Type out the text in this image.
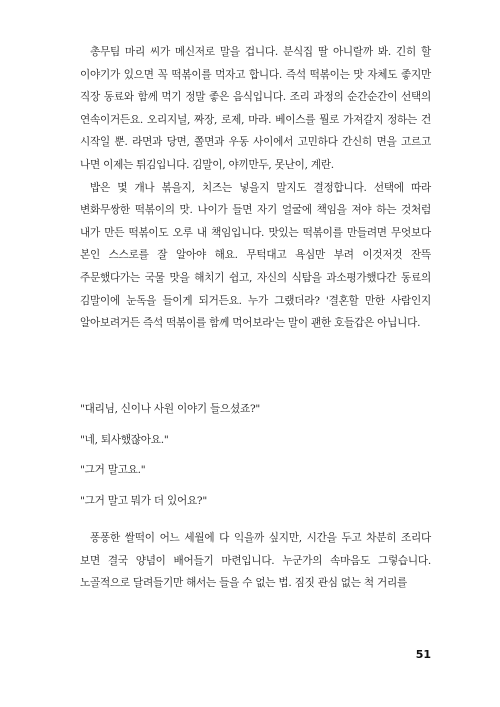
총무팀 마리 씨가 메신저로 말을 겁니다. 분식집 딸 아니랄까 봐. 긴히 할 이야기가 있으면 꼭 떡볶이를 먹자고 합니다. 즉석 떡볶이는 맛 자체도 좋지만 직장 동료와 함께 먹기 정말 좋은 음식입니다. 조리 과정의 순간순간이 선택의 연속이거든요. 오리지널, 짜장, 로제, 마라. 베이스를 뭘로 가져갈지 정하는 건 시작일 뿐. 라면과 당면, 쫄면과 우동 사이에서 고민하다 간신히 면을 고르고 나면 이제는 튀김입니다. 김말이, 야끼만두, 못난이, 계란.

밥은 몇 개나 볶을지, 치즈는 넣을지 말지도 결정합니다. 선택에 따라 변화무쌍한 떡볶이의 맛. 나이가 들면 자기 얼굴에 책임을 져야 하는 것처럼 내가 만든 떡볶이도 오루 내 책임입니다. 맛있는 떡볶이를 만들려면 무엇보다 본인 스스로를 잘 알아야 해요. 무턱대고 욕심만 부려 이것저것 잔뜩 주문했다가는 국물 맛을 해치기 쉽고, 자신의 식탐을 과소평가했다간 동료의 김말이에 눈독을 들이게 되거든요. 누가 그랬더라? '결혼할 만한 사람인지 알아보려거든 즉석 떡볶이를 함께 먹어보라'는 말이 괜한 호들갑은 아닙니다.

"대리님, 신이나 사원 이야기 들으셨죠?"

"네, 퇴사했잖아요."

"그거 말고요."

"그거 말고 뭐가 더 있어요?"

퐁퐁한 쌀떡이 어느 세월에 다 익을까 싶지만, 시간을 두고 차분히 조리다 보면 결국 양념이 배어들기 마련입니다. 누군가의 속마음도 그렇습니다. 노골적으로 달려들기만 해서는 들을 수 없는 법. 짐짓 관심 없는 척 거리를

51
